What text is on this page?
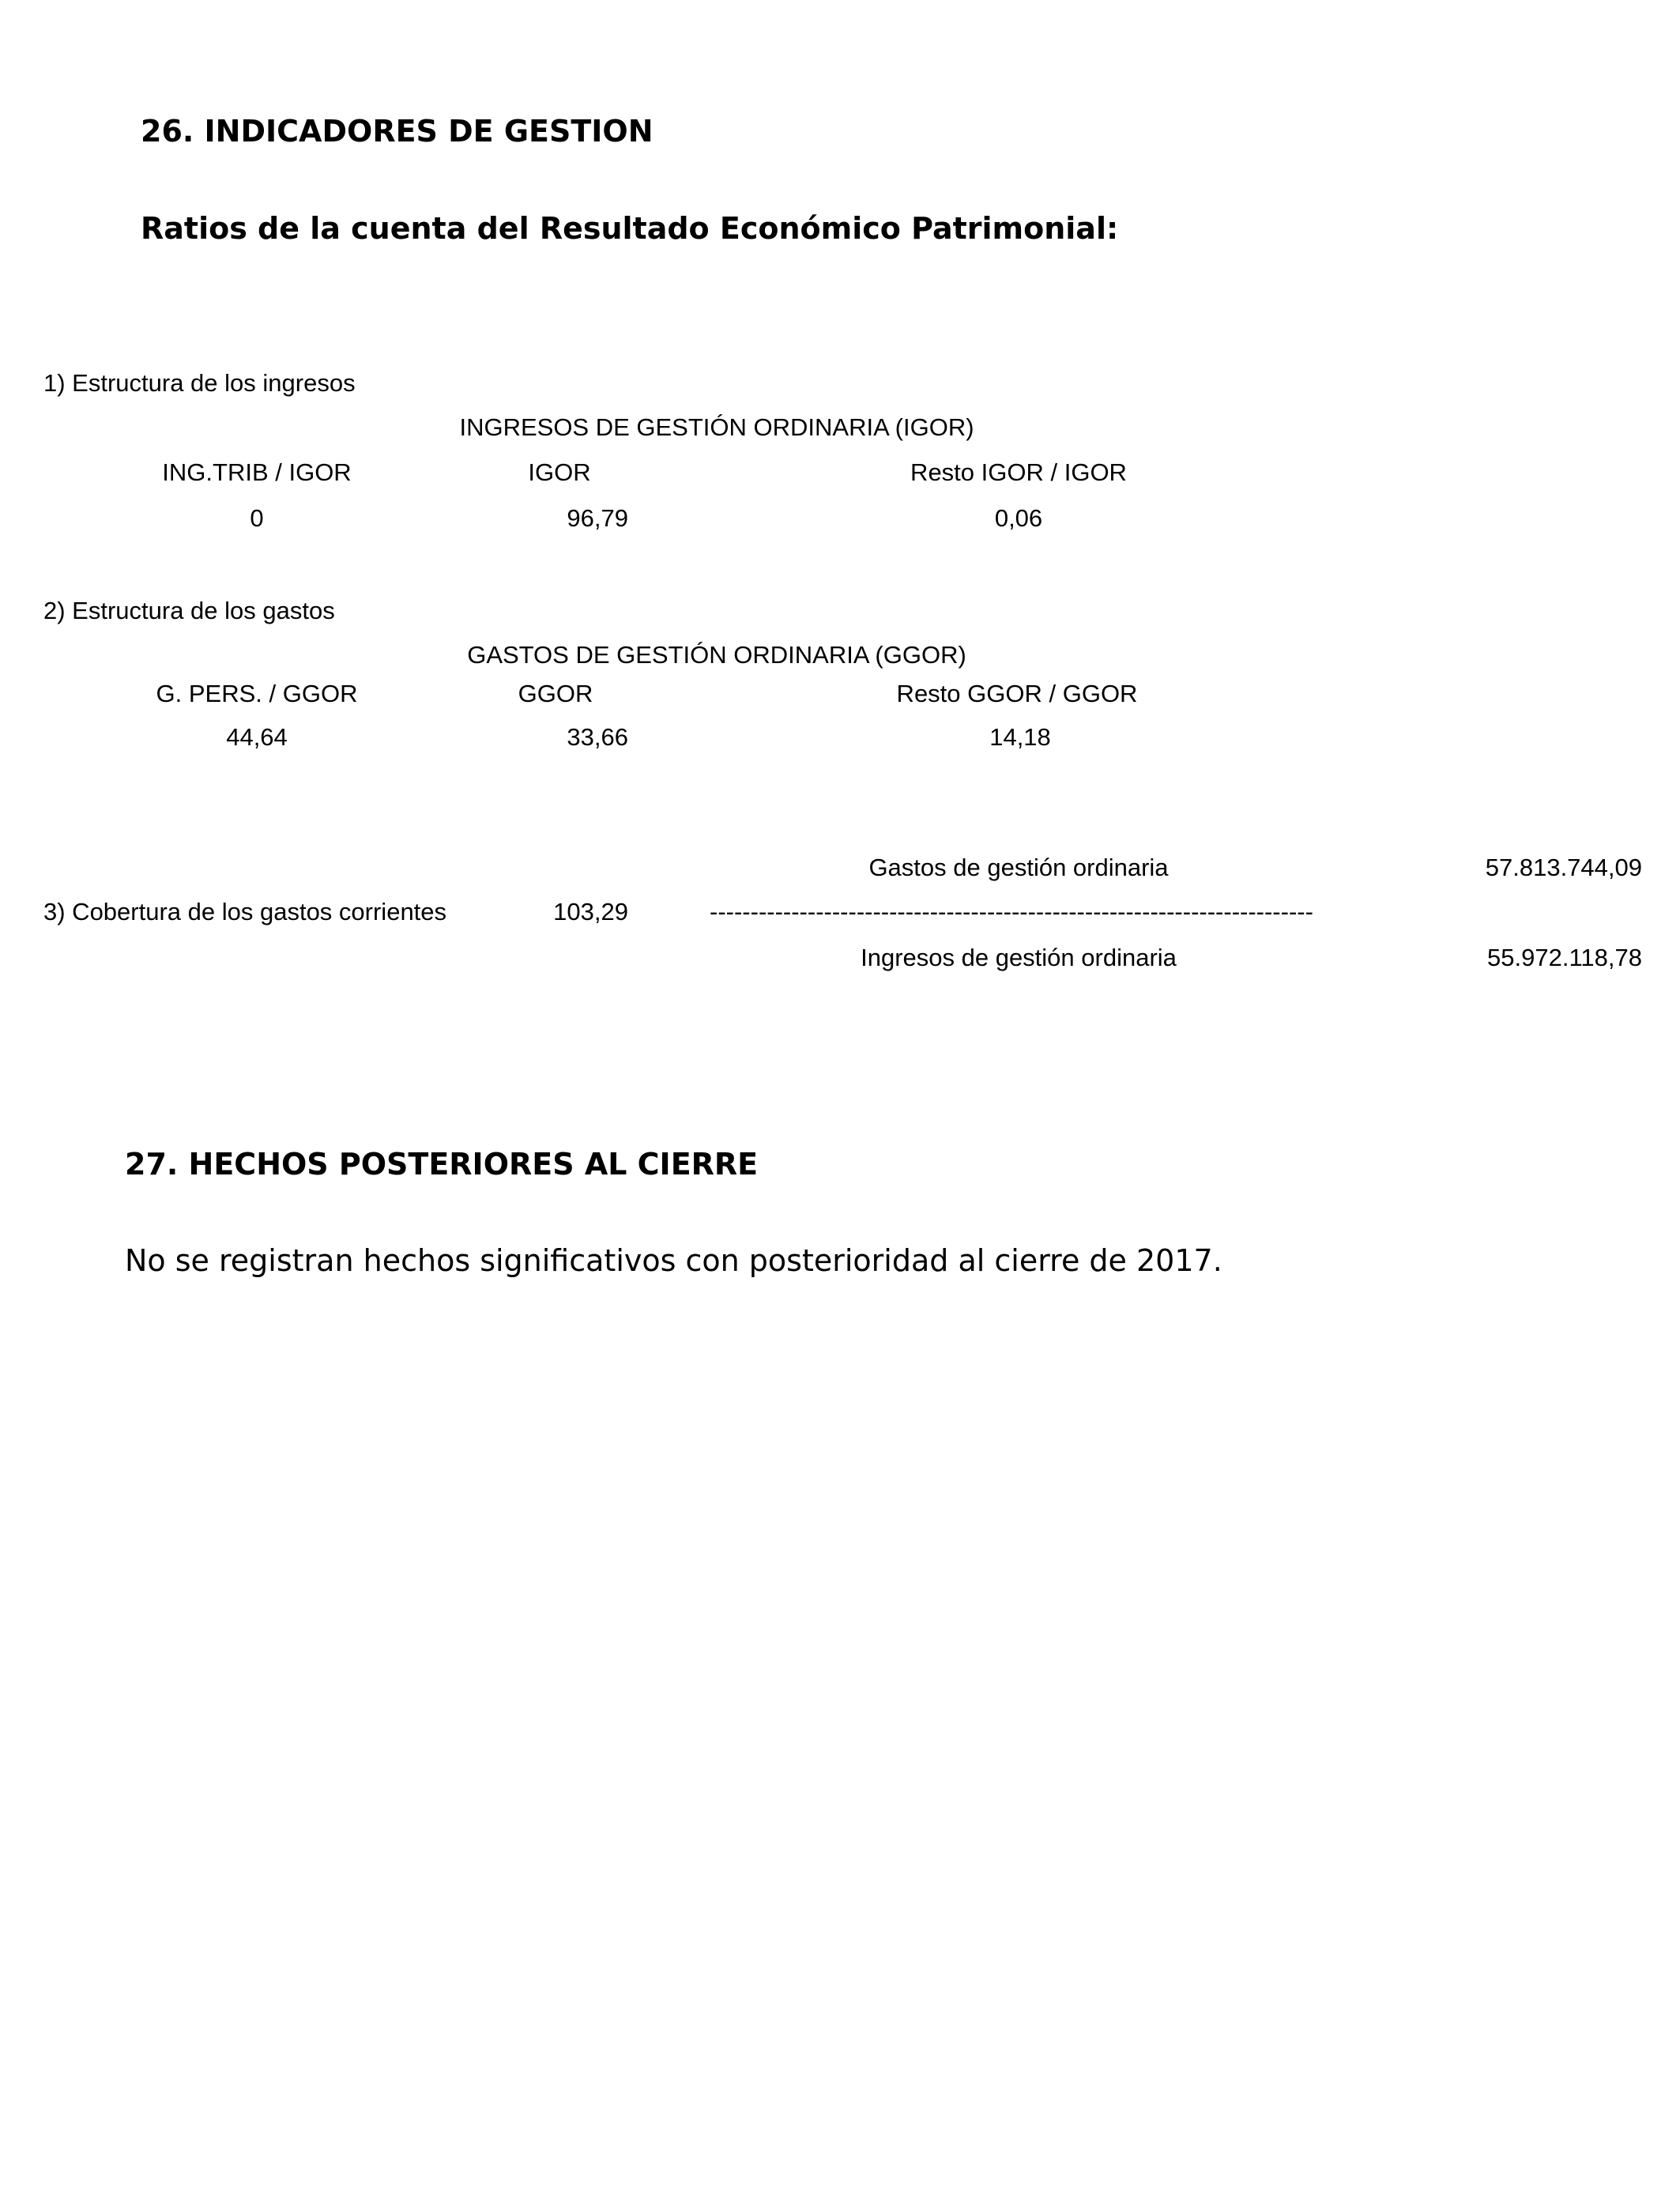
26. INDICADORES DE GESTION
Ratios de la cuenta del Resultado Económico Patrimonial:
1) Estructura de los ingresos
INGRESOS DE GESTIÓN ORDINARIA (IGOR)
ING.TRIB / IGOR	IGOR	Resto IGOR / IGOR
0	96,79	0,06
2) Estructura de los gastos
GASTOS DE GESTIÓN ORDINARIA (GGOR)
G. PERS. / GGOR	GGOR	Resto GGOR / GGOR
44,64	33,66	14,18
Gastos de gestión ordinaria	57.813.744,09
3) Cobertura de los gastos corrientes	103,29	--------------------------------------------------------------------------
Ingresos de gestión ordinaria	55.972.118,78
27. HECHOS POSTERIORES AL CIERRE
No se registran hechos significativos con posterioridad al cierre de 2017.
